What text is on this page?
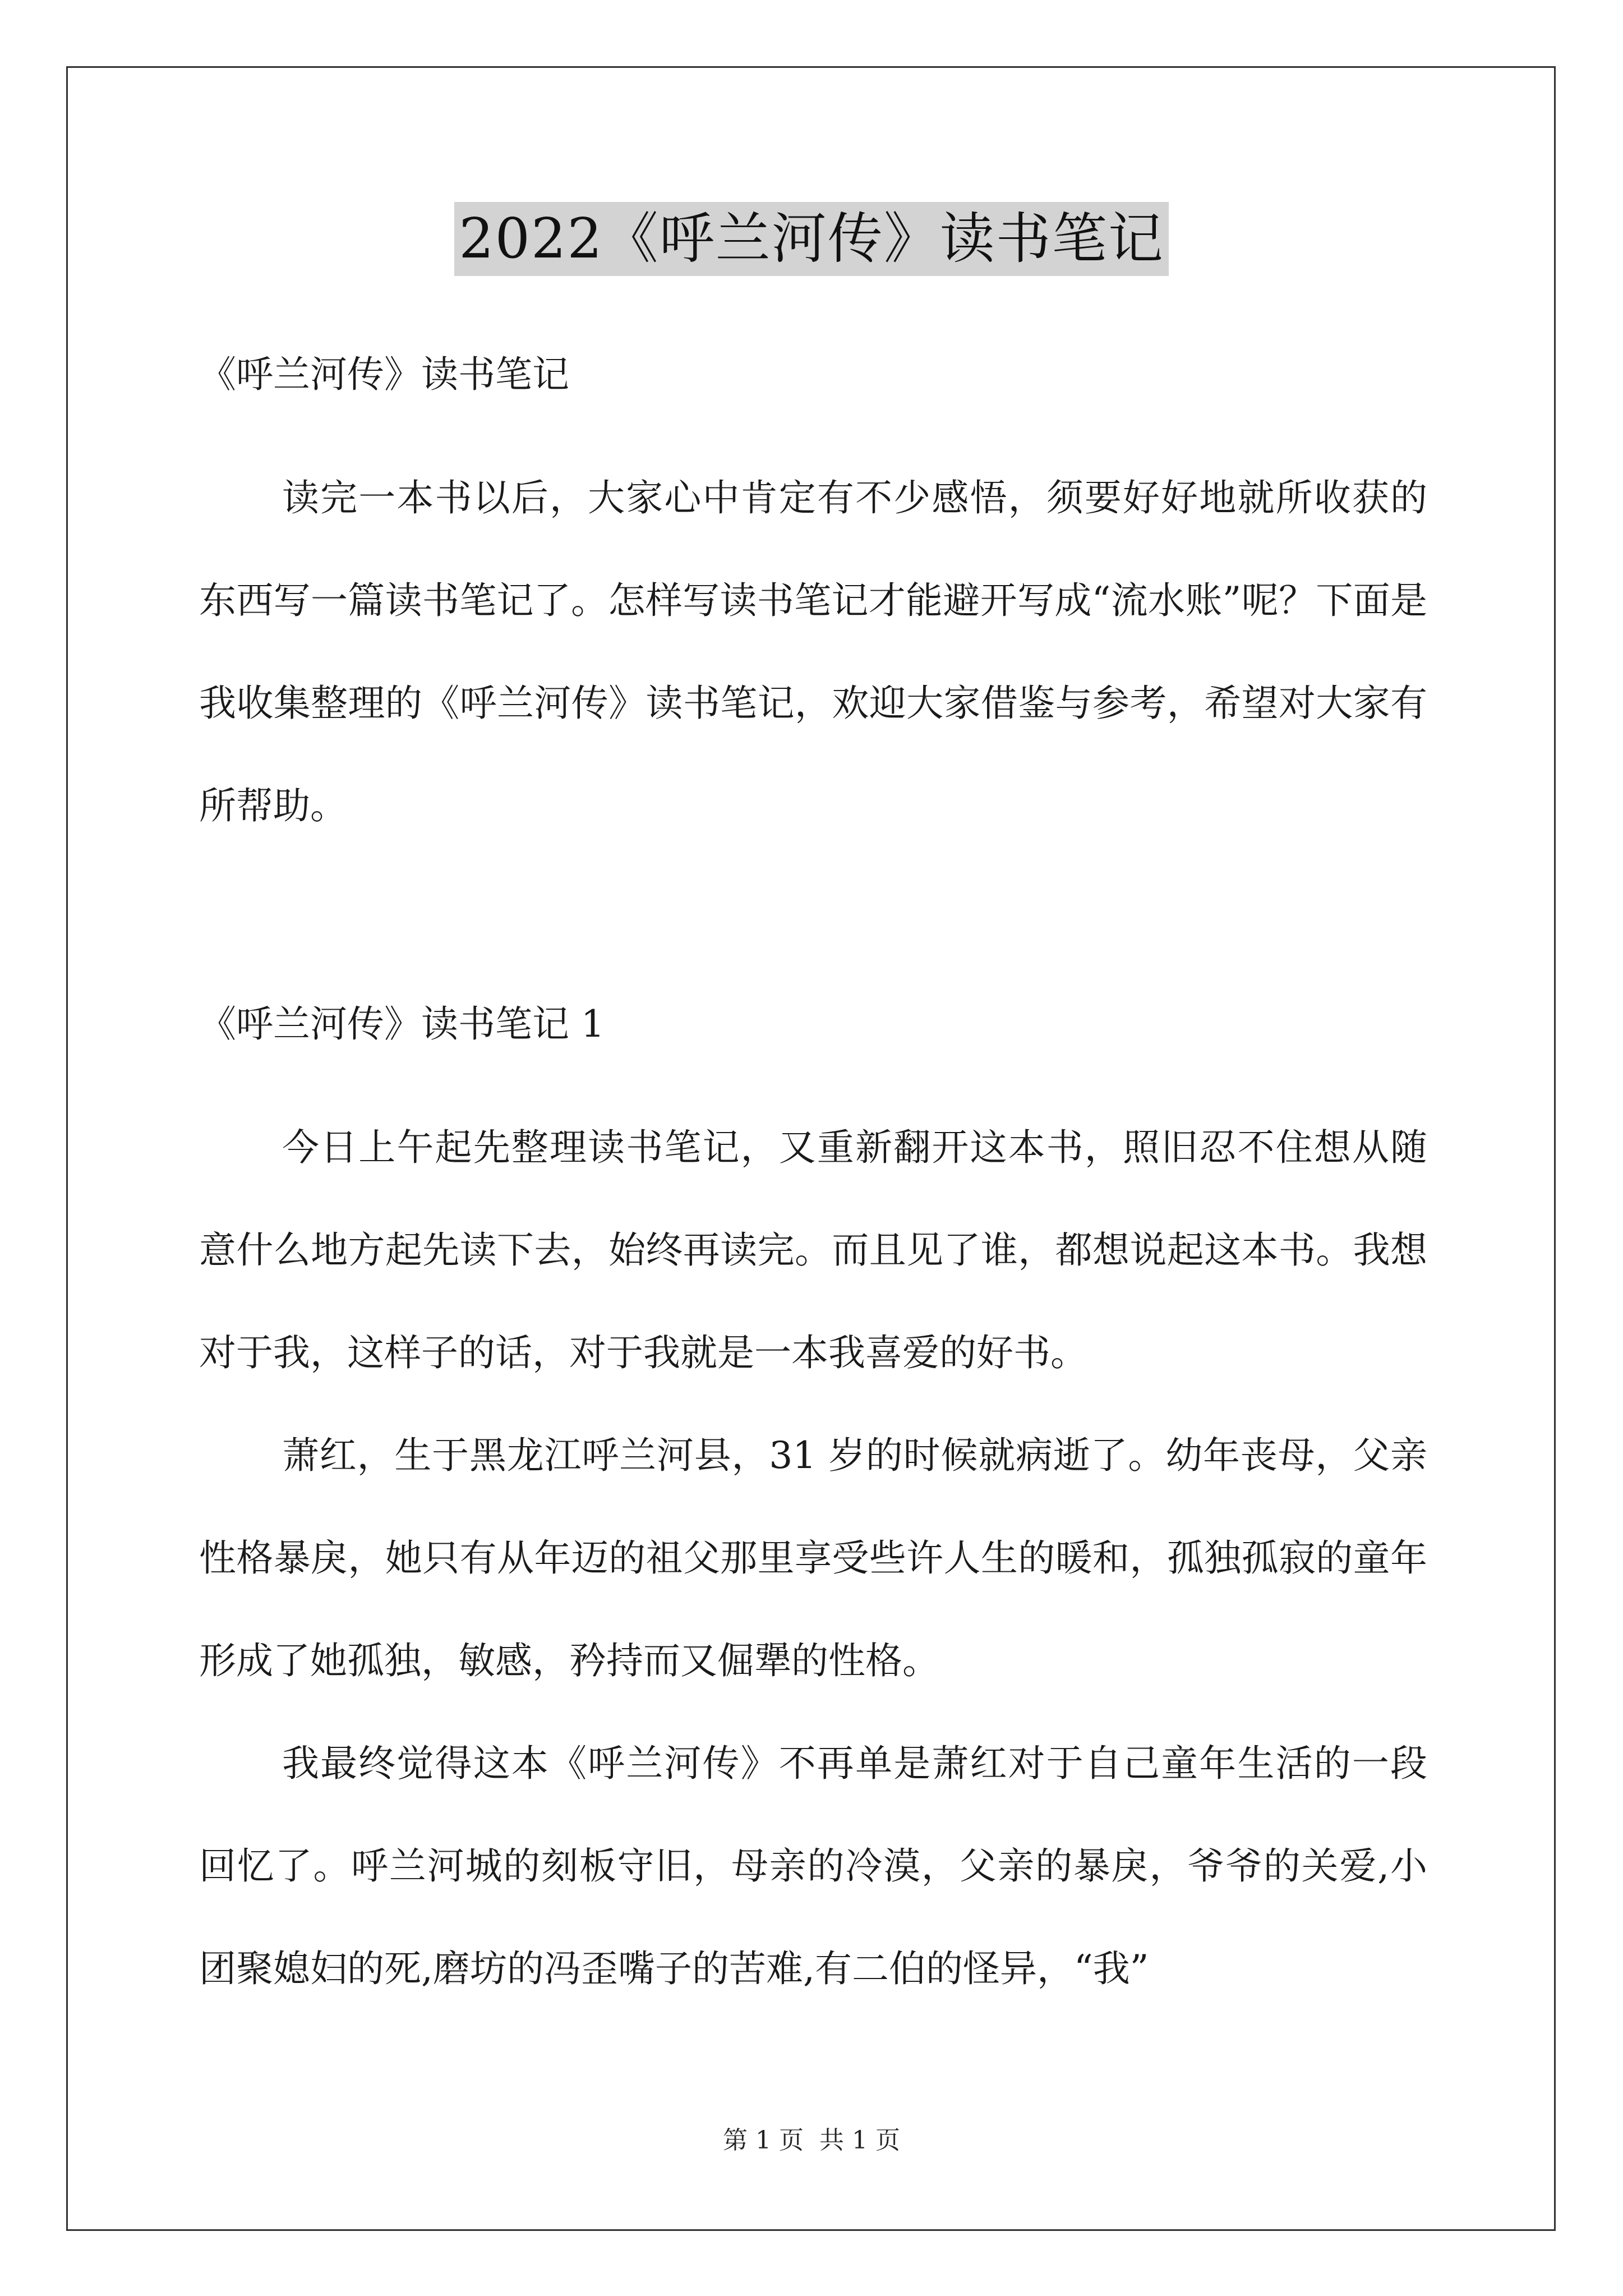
2022《呼兰河传》读书笔记

《呼兰河传》读书笔记

读完一本书以后，大家心中肯定有不少感悟，须要好好地就所收获的东西写一篇读书笔记了。怎样写读书笔记才能避开写成“流水账”呢？下面是我收集整理的《呼兰河传》读书笔记，欢迎大家借鉴与参考，希望对大家有所帮助。

《呼兰河传》读书笔记 1

今日上午起先整理读书笔记，又重新翻开这本书，照旧忍不住想从随意什么地方起先读下去，始终再读完。而且见了谁，都想说起这本书。我想对于我，这样子的话，对于我就是一本我喜爱的好书。

萧红，生于黑龙江呼兰河县，31 岁的时候就病逝了。幼年丧母，父亲性格暴戾，她只有从年迈的祖父那里享受些许人生的暖和，孤独孤寂的童年形成了她孤独，敏感，矜持而又倔犟的性格。

我最终觉得这本《呼兰河传》不再单是萧红对于自己童年生活的一段回忆了。呼兰河城的刻板守旧，母亲的冷漠，父亲的暴戾，爷爷的关爱,小团聚媳妇的死,磨坊的冯歪嘴子的苦难,有二伯的怪异，“我”

第 1 页 共 1 页
